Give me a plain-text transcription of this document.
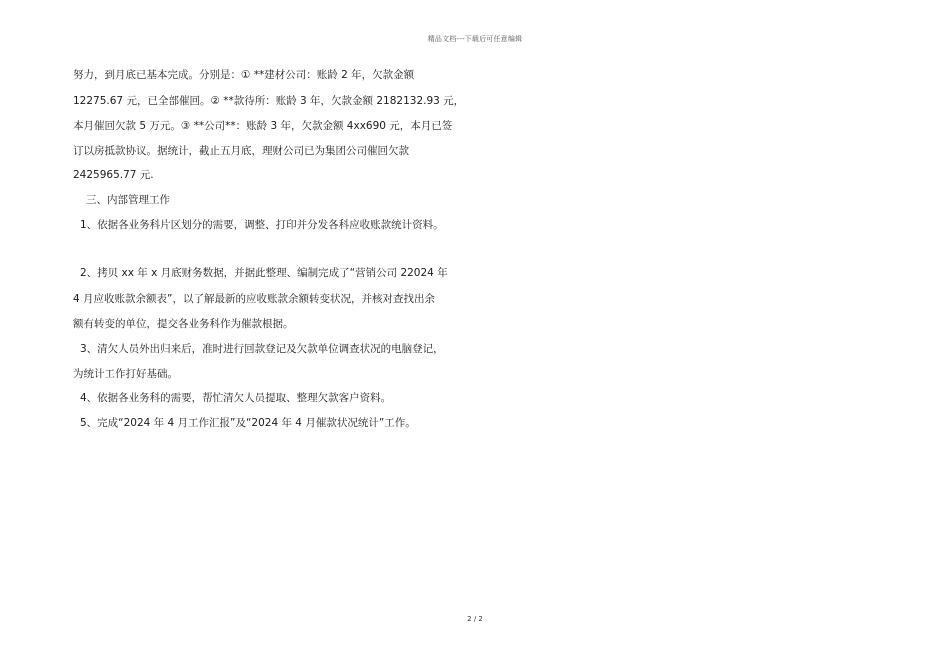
精品文档---下载后可任意编辑
努力，到月底已基本完成。分别是：① **建材公司：账龄 2 年，欠款金额
12275.67 元，已全部催回。② **款待所：账龄 3 年，欠款金额 2182132.93 元，
本月催回欠款 5 万元。③ **公司**：账龄 3 年，欠款金额 4xx690 元，本月已签
订以房抵款协议。据统计，截止五月底，理财公司已为集团公司催回欠款
2425965.77 元.
三、内部管理工作
1、依据各业务科片区划分的需要，调整、打印并分发各科应收账款统计资料。
2、拷贝 xx 年 x 月底财务数据，并据此整理、编制完成了“营销公司 22024 年
4 月应收账款余额表”，以了解最新的应收账款余额转变状况，并核对查找出余
额有转变的单位，提交各业务科作为催款根据。
3、清欠人员外出归来后，准时进行回款登记及欠款单位调查状况的电脑登记，
为统计工作打好基础。
4、依据各业务科的需要，帮忙清欠人员提取、整理欠款客户资料。
5、完成“2024 年 4 月工作汇报”及“2024 年 4 月催款状况统计”工作。
2 / 2
